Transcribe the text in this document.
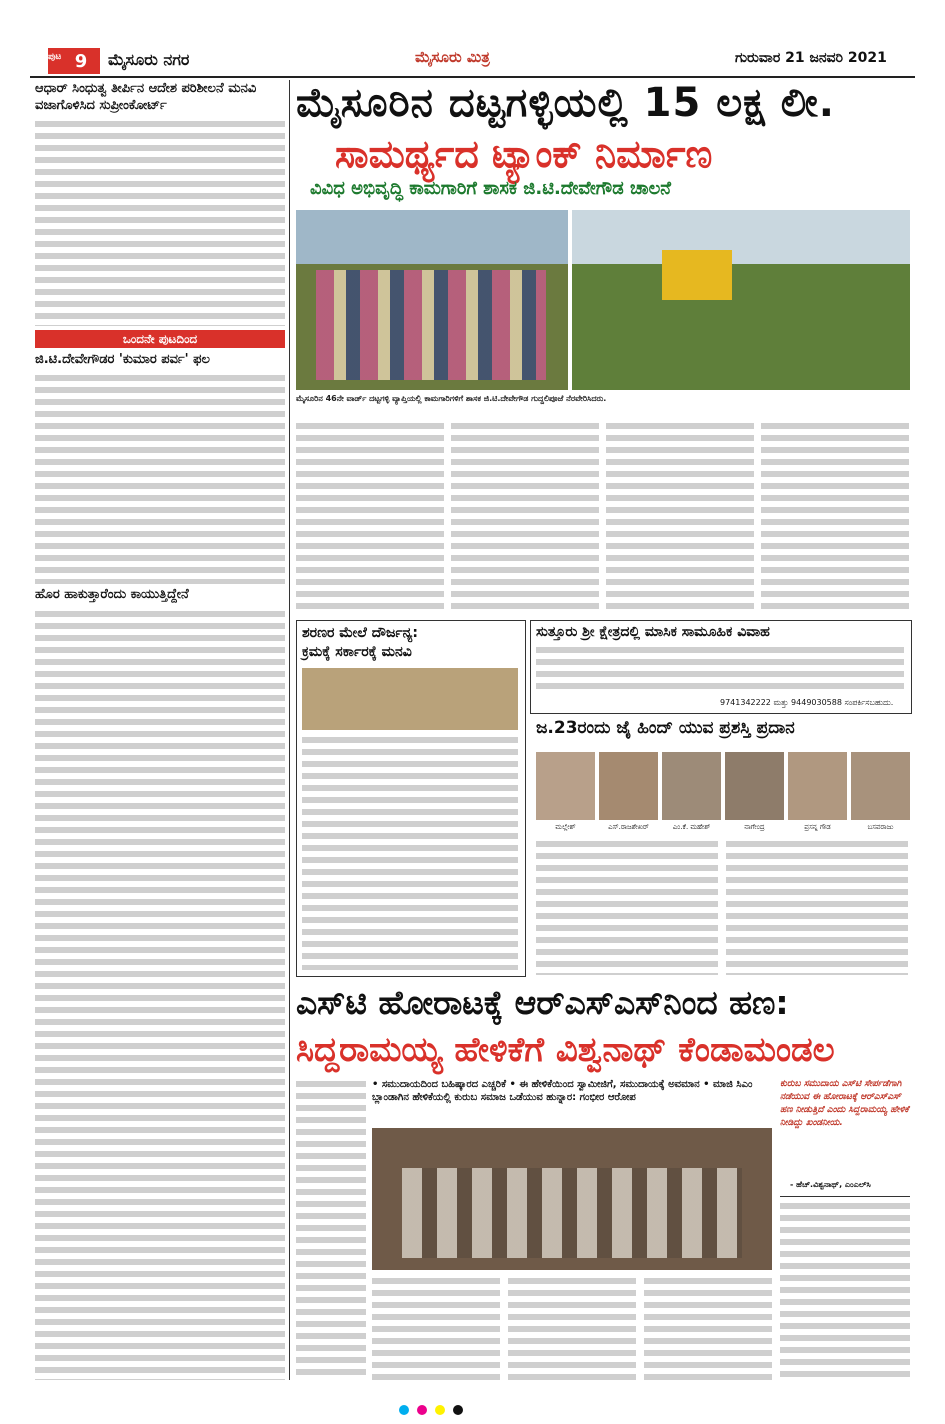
ಪುಟ 9 ಮೈಸೂರು ನಗರ	ಮೈಸೂರು ಮಿತ್ರ	ಗುರುವಾರ 21 ಜನವರಿ 2021
ಆಧಾರ್ ಸಿಂಧುತ್ವ ತೀರ್ಪಿನ ಆದೇಶ ಪರಿಶೀಲನೆ ಮನವಿ ವಜಾಗೊಳಿಸಿದ ಸುಪ್ರೀಂಕೋರ್ಟ್
ಒಂದನೇ ಪುಟದಿಂದ
ಜಿ.ಟಿ.ದೇವೇಗೌಡರ 'ಕುಮಾರ ಪರ್ವ' ಫಲ
ಹೊರ ಹಾಕುತ್ತಾರೆಂದು ಕಾಯುತ್ತಿದ್ದೇನೆ
ಮೈಸೂರಿನ ದಟ್ಟಗಳ್ಳಿಯಲ್ಲಿ 15 ಲಕ್ಷ ಲೀ.
ಸಾಮರ್ಥ್ಯದ ಟ್ಯಾಂಕ್ ನಿರ್ಮಾಣ
ವಿವಿಧ ಅಭಿವೃದ್ಧಿ ಕಾಮಗಾರಿಗೆ ಶಾಸಕ ಜಿ.ಟಿ.ದೇವೇಗೌಡ ಚಾಲನೆ
ಮೈಸೂರಿನ 46ನೇ ವಾರ್ಡ್ ದಟ್ಟಗಳ್ಳಿ ವ್ಯಾಪ್ತಿಯಲ್ಲಿ ಕಾಮಗಾರಿಗಳಿಗೆ ಶಾಸಕ ಜಿ.ಟಿ.ದೇವೇಗೌಡ ಗುದ್ದಲಿಪೂಜೆ ನೆರವೇರಿಸಿದರು.
ಶರಣರ ಮೇಲೆ ದೌರ್ಜನ್ಯ:
ಕ್ರಮಕ್ಕೆ ಸರ್ಕಾರಕ್ಕೆ ಮನವಿ
ಸುತ್ತೂರು ಶ್ರೀ ಕ್ಷೇತ್ರದಲ್ಲಿ ಮಾಸಿಕ ಸಾಮೂಹಿಕ ವಿವಾಹ
9741342222 ಮತ್ತು 9449030588 ಸಂಪರ್ಕಿಸಬಹುದು.
ಜ.23ರಂದು ಜೈ ಹಿಂದ್ ಯುವ ಪ್ರಶಸ್ತಿ ಪ್ರದಾನ
ಮಲ್ಲೇಶ್	ಎಸ್.ರಾಜಶೇಖರ್	ಎಂ.ಕೆ. ಮಹೇಶ್	ನಾಗೇಂದ್ರ	ಪ್ರಸನ್ನ ಗೌಡ	ಬಸವರಾಜು
ಎಸ್‌ಟಿ ಹೋರಾಟಕ್ಕೆ ಆರ್‌ಎಸ್‌ಎಸ್‌ನಿಂದ ಹಣ:
ಸಿದ್ದರಾಮಯ್ಯ ಹೇಳಿಕೆಗೆ ವಿಶ್ವನಾಥ್ ಕೆಂಡಾಮಂಡಲ
• ಸಮುದಾಯದಿಂದ ಬಹಿಷ್ಕಾರದ ಎಚ್ಚರಿಕೆ • ಈ ಹೇಳಿಕೆಯಿಂದ ಸ್ವಾಮೀಜಿಗೆ, ಸಮುದಾಯಕ್ಕೆ ಅವಮಾನ • ಮಾಜಿ ಸಿಎಂ ಬ್ಲಾಂಡಾಗಿನ ಹೇಳಿಕೆಯಲ್ಲಿ ಕುರುಬ ಸಮಾಜ ಒಡೆಯುವ ಹುನ್ನಾರ: ಗಂಭೀರ ಆರೋಪ
ಕುರುಬ ಸಮುದಾಯ ಎಸ್‌ಟಿ ಸೇರ್ಪಡೆಗಾಗಿ ನಡೆಯುವ ಈ ಹೋರಾಟಕ್ಕೆ ಆರ್‌ಎಸ್‌ಎಸ್ ಹಣ ನೀಡುತ್ತಿದೆ ಎಂದು ಸಿದ್ದರಾಮಯ್ಯ ಹೇಳಿಕೆ ನೀಡಿದ್ದು ಖಂಡನೀಯ.
- ಹೆಚ್.ವಿಶ್ವನಾಥ್, ಎಂಎಲ್‌ಸಿ
